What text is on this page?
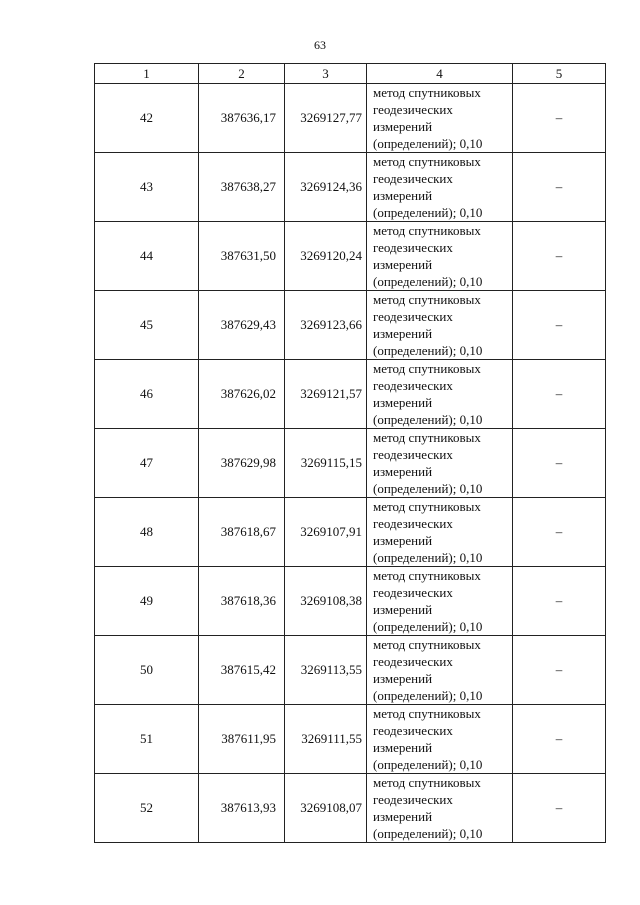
63
1	2	3	4	5
42	387636,17	3269127,77	метод спутниковых
геодезических
измерений
(определений); 0,10	–
43	387638,27	3269124,36	метод спутниковых
геодезических
измерений
(определений); 0,10	–
44	387631,50	3269120,24	метод спутниковых
геодезических
измерений
(определений); 0,10	–
45	387629,43	3269123,66	метод спутниковых
геодезических
измерений
(определений); 0,10	–
46	387626,02	3269121,57	метод спутниковых
геодезических
измерений
(определений); 0,10	–
47	387629,98	3269115,15	метод спутниковых
геодезических
измерений
(определений); 0,10	–
48	387618,67	3269107,91	метод спутниковых
геодезических
измерений
(определений); 0,10	–
49	387618,36	3269108,38	метод спутниковых
геодезических
измерений
(определений); 0,10	–
50	387615,42	3269113,55	метод спутниковых
геодезических
измерений
(определений); 0,10	–
51	387611,95	3269111,55	метод спутниковых
геодезических
измерений
(определений); 0,10	–
52	387613,93	3269108,07	метод спутниковых
геодезических
измерений
(определений); 0,10	–
